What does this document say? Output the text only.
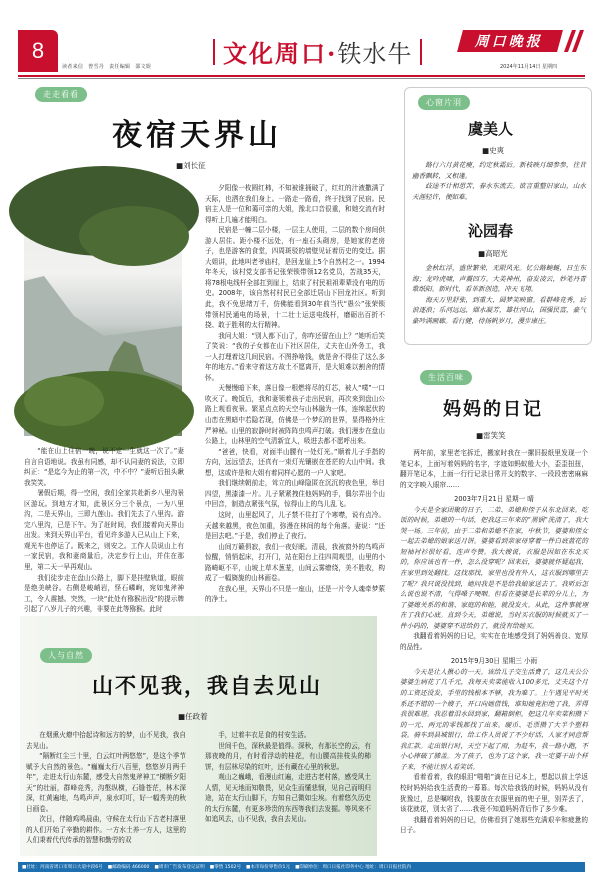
8
读者来信 曾雪丹 责任编辑 邵文娱	文化周口· 铁水牛	周口晚报
2024年11月14日 星期四
走走看看
夜宿天界山
■刘长征

“能在山上住宿一晚，说不定一生就这一次了。”妻自言自语地说。我虽有同感，却不认同妻的说法，立即纠正：“是迄今为止的第一次，中不中？”妻听后扭头瞅我笑笑。

暑假后期，得一空闲，我们全家共赴新乡八里沟景区游玩。到地方才知，此景区分三个景点，一为八里沟，二是天界山，三即九莲山。我们先去了八里沟。游完八里沟，已是下午。为了赶时间，我们接着向天界山出发。来到天界山平台，看见许多游人已从山上下来，观光车也停运了。既来之，则安之。工作人员说山上有一家民宿，我和妻商量后，决定步行上山，并住在那里，第二天一早再观山。

我们徒步走在盘山公路上，脚下是挂壁轨道，眼前是绝美峡谷。右侧是峻峭岩，怪石嶙峋，宛如鬼斧神工，令人震撼。突然，一块“此处有猕猴出没”的提示牌引起了八岁儿子的兴趣，非要在此等猕猴。此时

夕阳像一枚圆红柿，不知被谁捅破了，红红的汁液撒满了天际，也洒在我们身上。一路走一路看，终于找到了民宿。民宿主人是一位和蔼可亲的大姐，豫北口音很重，和她交流有时得听上几遍才能明白。

民宿是一幢二层小楼，一层主人使用，二层的数个房间供游人居住。距小楼不远处，有一座石头砌房，是她家的老房子，也是游客的食堂，四周斑驳的墙壁见证着历史的变迁。据大姐讲，此地叫老爷庙村，是回龙崖上5个自然村之一。1994年冬天，该村党支部书记张荣锁带领12名党员，苦战35天，将78根电线杆全部扛到崖上，结束了村民祖祖辈辈没有电的历史。2008年，该自然村村民已全部迁居山下回龙社区。听到此，我不免思绪万千，仿佛能看到30年前当代“愚公”张荣锁带领村民通电的场景，十二壮士运送电线杆，磨砺出百折不挠、敢于胜利的太行精神。

我问大姐：“别人都下山了，你咋还留在山上？”她听后笑了笑说：“我的子女都在山下社区居住，丈夫在山外务工，我一人打理着这几间民宿。不图挣啥钱，就是舍不得住了这么多年的地方。”看来守着这方故土不愿离开，是大姐难以割舍的情怀。

天慢慢暗下来，落日像一根燃将尽的灯芯，被人“噗”一口吹灭了。晚饭后，我和妻领着孩子走出民宿，再次来到盘山公路上观看夜景。繁星点点的天空与山林融为一体，连绵起伏的山峦在黑暗中若隐若现，仿佛是一个梦幻的世界，显得格外庄严神秘。山里的寂静时时被阵阵虫鸣声打破。我们漫步在盘山公路上，山林里的空气清新宜人，吸进去都不愿呼出来。

“爸爸，快看，对面半山腰有一处灯光。”顺着儿子手指的方向，远远望去，还真有一束灯光镶嵌在苍茫的大山中间。我想，这或许是和大姐有着同样心愿的一户人家吧。

我们继续朝前走，耸立的山峰隐匿在沉沉的夜色里，举目四望，黑漆漆一片。儿子紧紧拽住他妈妈的手，偶尔弄出个山中回音，制造点紧张气氛，惊得山上的鸟儿乱飞。

这时，山里起风了，儿子禁不住打了个寒噤，说有点冷。天越来越黑，夜色加重，弥漫在林间的每个角落。妻说：“还是回去吧。”于是，我们停止了夜行。

山间万籁俱寂，我们一夜好眠。清晨，我被窗外的鸟鸣声惊醒，悄悄起床，打开门，站在阳台上往四周观望，山里的小路崎岖不平，山坡上草木葱茏，山间云雾缭绕，美不胜收，构成了一幅旖旎的山林画卷。

在我心里，天界山不只是一座山，还是一片令人魂牵梦萦的净土。

人与自然
山不见我，我自去见山
■任政着

在烟熏火燎中拾起诗和远方的梦，山不见我，我自去见山。

“隔断红尘三十里，白云红叶两悠悠”，是这个季节赋予大自然的景色。“巍巍太行八百里，悠悠岁月两千年”，走进太行山东麓，感受大自然鬼斧神工“横断夕阳天”的壮丽，群峰竞秀，沟壑纵横，石缝苍茫，林木深深，红黄遍地，鸟鸣声声，泉水叮叮，好一幅秀美的秋日画卷。

次日，伴随鸡鸣晨曲，守候在太行山下古老村落里的人们开始了辛勤的耕作。一方水土养一方人，这里的人们秉着代代传承的智慧和勤劳的双

手，过着丰衣足食的村安生活。

世间千色，深秋最是值得。深秋，有那长空的云，有那夜晚的月，有时看浮动的桂花，有山腰高挂枝头的柿饼，有层林尽染的红叶，还有藏在心里的秋思。

观山之巍峨，看漫山红遍，走进古老村落，感受风土人情，见天地而知敬畏，见众生而懂悲悯，见自己而明归途，站在太行山脚下，方知自己微如尘埃。有着悠久历史的太行东麓，有更多珍贵的东西等我们去发掘。等风来不如追风去，山不见我，我自去见山。

心窗片羽
虞美人
■史爽

路行六月黄花瘦，约定秋霜后。新枝映月细参参，往昔幽香飘转，又相逢。

歧途不计相思苦，春水东流去。欲言重整旧家山，山水天涯轻许，便如难。

沁园春
■高昭光

金秋红浮，盛世繁荣，无限风光。忆公路蜿蜒，日生东海；龙吟虎啸，声震四方。大美神州，奋发凌云，妙笔丹青歌纸阳。新时代，看革新创造，冲天飞翔。

海天万里舒张，到重大、圆梦笑映窗。看群峰竞秀，后浪逐浪；乐河远远，烟水凝芳，雄壮河山，国强民富，豪气豪吟满画廊。看行健，待扬帆岁月，漫步康庄。

生活百味
妈妈的日记
■雷笑笑

两年前，家里老宅拆迁，搬家时我在一摞旧报纸里发现一个笔记本，上面写着妈妈的名字，字迹如蚂蚁般大小，歪歪扭扭，翻开笔记本，上面一行行记录日常开支的数字、一段段密密麻麻的文字映入眼帘……

2003年7月21日 星期一 晴

今天是全家团聚的日子，二弟、弟媳和侄子从东北回来。吃饭的时候，弟媳的一句话，把我这三年来的“黑锅”洗清了，我大哭一场。三年前，由于二弟和弟媳不在家，中秋节，婆婆和侄女一起去弟媳的娘家送月饼。婆婆看到亲家母穿着一件白底蓝花的短袖衬衫很好看，连声夸赞。我大嫂说，衣服是因如在东北买的，你应该也有一件，怎么没穿呢？回来后，婆婆就怀疑起我，在家里到处翻找。这找那找，家里也没有外人，这衣服到哪里去了呢？我只说没找到，她问我是不是给我娘家送去了。我听后怎么说也说不清，气得嗓子哽咽。但看在婆婆是长辈的分儿上，为了婆媳关系的和谐、家庭的和睦，就没发火。从此，这件事就埋在了我们心底。直到今天，弟媳说，当时买衣服的时候就买了一件小码的，婆婆穿不进给扔了，就没有给她买。

我翻看着妈妈的日记，实实在在地感受到了妈妈善良、宽厚的品性。

2015年9月30日 星期三 小雨

今天是让人揪心的一天。该给儿子交生活费了，这几天公公婆婆生病花了几千元，我每天卖菜能收入100多元，丈夫这个月的工资还没发，手里的钱根本不够，我为难了。上午遇见平时关系还不错的一个嫂子，开口向她借钱，谁知她竟拒绝了我，弄得我很难堪。我忍着泪水回到家，翻箱倒柜，把这几年卖菜积攒下的一元、两元的零钱都找了出来。硬币、毛票攒了大半个塑料袋。骑车到县城银行，给工作人员说了不少好话，人家才同意帮我汇款。走出银行时，天空下起了雨，为赶车，我一路小跑，不小心摔破了膝盖。为了孩子，也为了这个家，我一定要干出个样子来，不能让别人看笑话。

看着看着，我的眼泪“啪啪”滴在日记本上，想起以前上学返校时妈妈给我生活费的一幕幕。每次给我钱的时候，妈妈从没有犹豫过，总是嘱咐我，钱要放在衣服里面的兜子里，别弄丢了，该花就花，别太省了……我竟不知道妈妈背后作了多少难。

我翻看着妈妈的日记，仿佛看到了她那些充满艰辛和疲惫的日子。

■社址：河南省周口市周口大道中段6号 ■邮政编码 466000 ■周市广告发布登记证明 ■零售 1502号 ■本市每份零售价1元 ■印刷单位：周口日报社印务中心 地址：周口日报社院内
